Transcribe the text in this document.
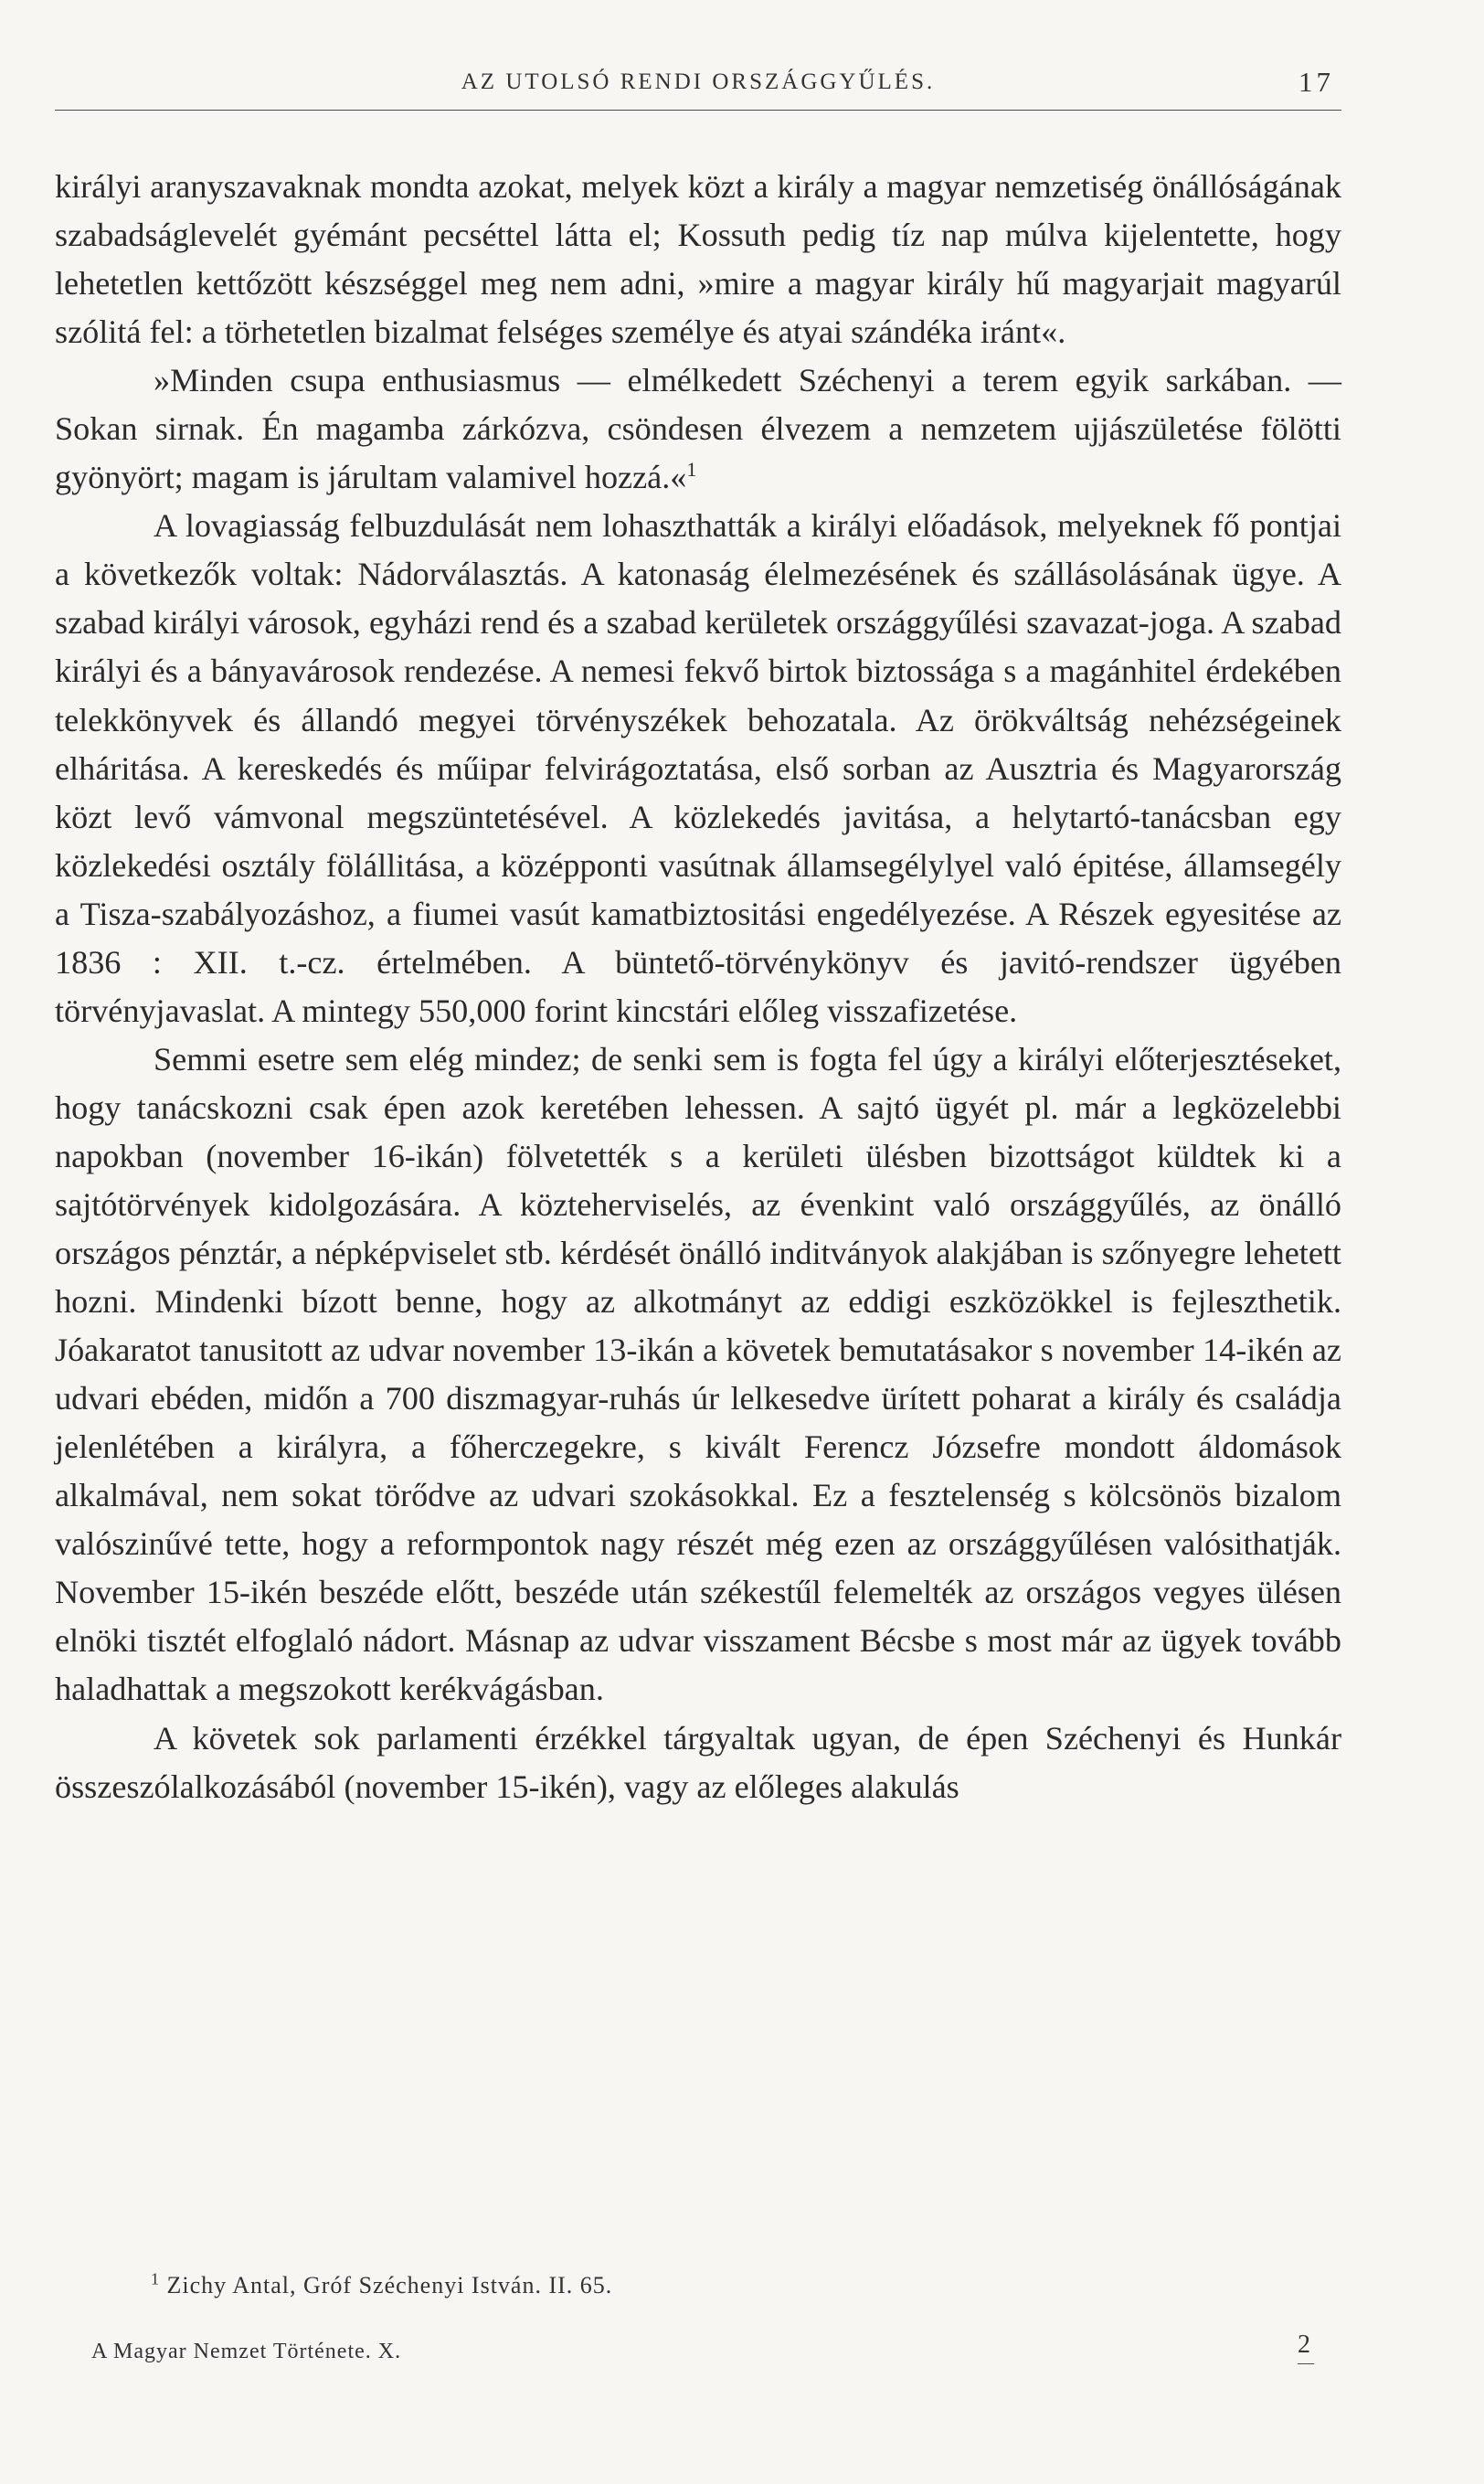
AZ UTOLSÓ RENDI ORSZÁGGYŰLÉS.	17

királyi aranyszavaknak mondta azokat, melyek közt a király a magyar nemzetiség önállóságának szabadságlevelét gyémánt pecséttel látta el; Kossuth pedig tíz nap múlva kijelentette, hogy lehetetlen kettőzött készséggel meg nem adni, »mire a magyar király hű magyarjait magyarúl szólitá fel: a törhetetlen bizalmat felséges személye és atyai szándéka iránt«.

»Minden csupa enthusiasmus — elmélkedett Széchenyi a terem egyik sarkában. — Sokan sirnak. Én magamba zárkózva, csöndesen élvezem a nemzetem ujjászületése fölötti gyönyört; magam is járultam valamivel hozzá.«$^1$

A lovagiasság felbuzdulását nem lohaszthatták a királyi előadások, melyeknek fő pontjai a következők voltak: Nádorválasztás. A katonaság élelmezésének és szállásolásának ügye. A szabad királyi városok, egyházi rend és a szabad kerületek országgyűlési szavazat-joga. A szabad királyi és a bányavárosok rendezése. A nemesi fekvő birtok biztossága s a magánhitel érdekében telekkönyvek és állandó megyei törvényszékek behozatala. Az örökváltság nehézségeinek elháritása. A kereskedés és műipar felvirágoztatása, első sorban az Ausztria és Magyarország közt levő vámvonal megszüntetésével. A közlekedés javitása, a helytartó-tanácsban egy közlekedési osztály fölállitása, a középponti vasútnak államsegélylyel való épitése, államsegély a Tisza-szabályozáshoz, a fiumei vasút kamatbiztositási engedélyezése. A Részek egyesitése az 1836 : XII. t.-cz. értelmében. A büntető-törvénykönyv és javitó-rendszer ügyében törvényjavaslat. A mintegy 550,000 forint kincstári előleg visszafizetése.

Semmi esetre sem elég mindez; de senki sem is fogta fel úgy a királyi előterjesztéseket, hogy tanácskozni csak épen azok keretében lehessen. A sajtó ügyét pl. már a legközelebbi napokban (november 16-ikán) fölvetették s a kerületi ülésben bizottságot küldtek ki a sajtótörvények kidolgozására. A közteherviselés, az évenkint való országgyűlés, az önálló országos pénztár, a népképviselet stb. kérdését önálló inditványok alakjában is szőnyegre lehetett hozni. Mindenki bízott benne, hogy az alkotmányt az eddigi eszközökkel is fejleszthetik. Jóakaratot tanusitott az udvar november 13-ikán a követek bemutatásakor s november 14-ikén az udvari ebéden, midőn a 700 diszmagyar-ruhás úr lelkesedve ürített poharat a király és családja jelenlétében a királyra, a főherczegekre, s kivált Ferencz Józsefre mondott áldomások alkalmával, nem sokat törődve az udvari szokásokkal. Ez a fesztelenség s kölcsönös bizalom valószinűvé tette, hogy a reformpontok nagy részét még ezen az országgyűlésen valósithatják. November 15-ikén beszéde előtt, beszéde után székestűl felemelték az országos vegyes ülésen elnöki tisztét elfoglaló nádort. Másnap az udvar visszament Bécsbe s most már az ügyek tovább haladhattak a megszokott kerékvágásban.

A követek sok parlamenti érzékkel tárgyaltak ugyan, de épen Széchenyi és Hunkár összeszólalkozásából (november 15-ikén), vagy az előleges alakulás

$^1$ Zichy Antal, Gróf Széchenyi István. II. 65.
A Magyar Nemzet Története. X.	2
—
